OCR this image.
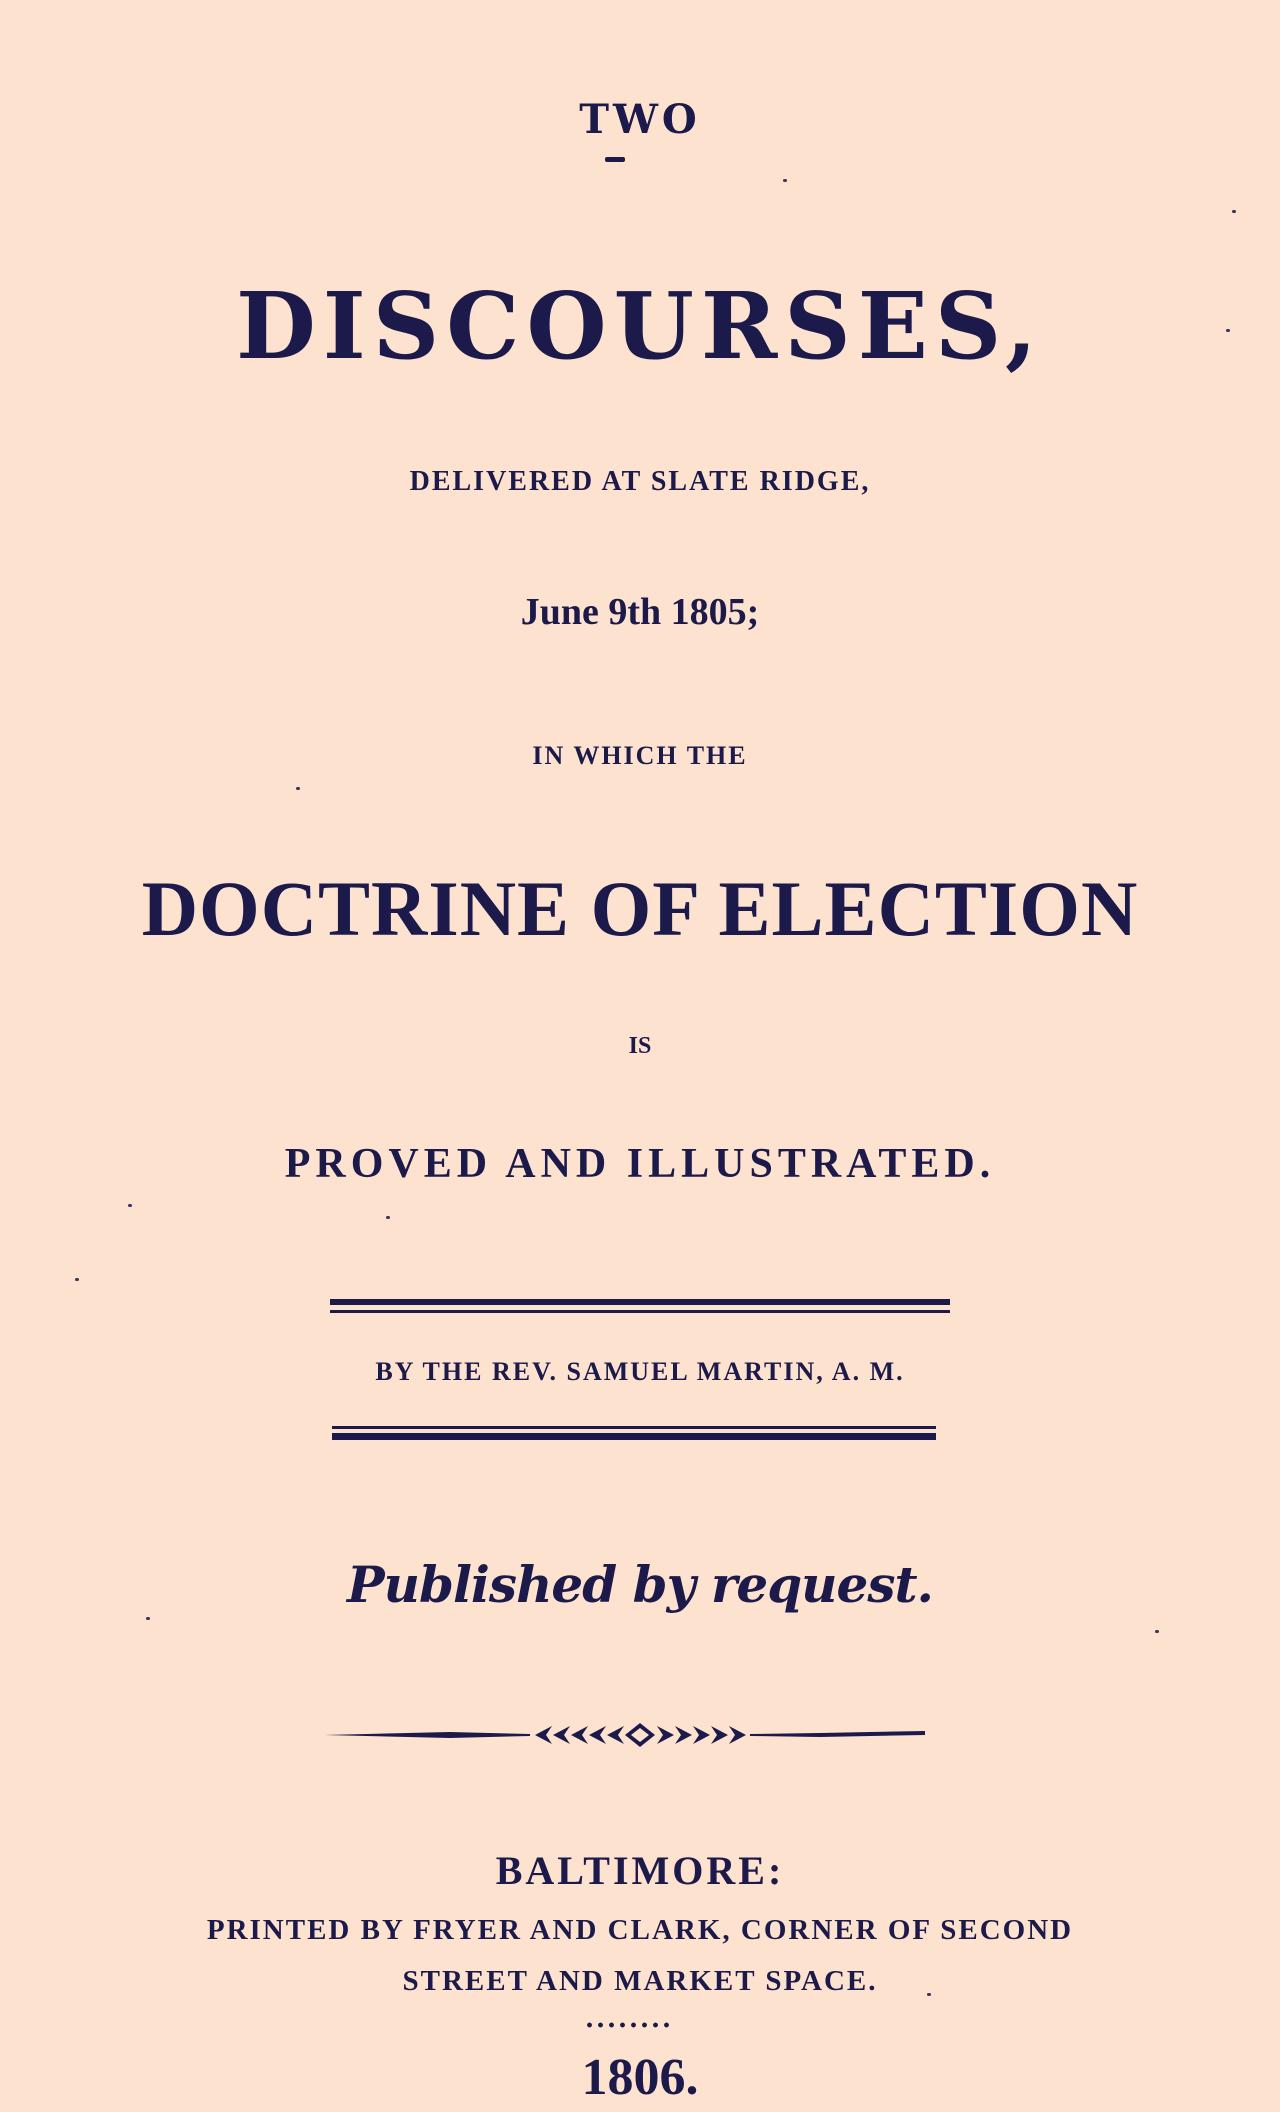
TWO
DISCOURSES,
DELIVERED AT SLATE RIDGE,
June 9th 1805;
IN WHICH THE
DOCTRINE OF ELECTION
IS
PROVED AND ILLUSTRATED.
BY THE REV. SAMUEL MARTIN, A. M.
Published by request.
BALTIMORE:
PRINTED BY FRYER AND CLARK, CORNER OF SECOND
STREET AND MARKET SPACE.
1806.
